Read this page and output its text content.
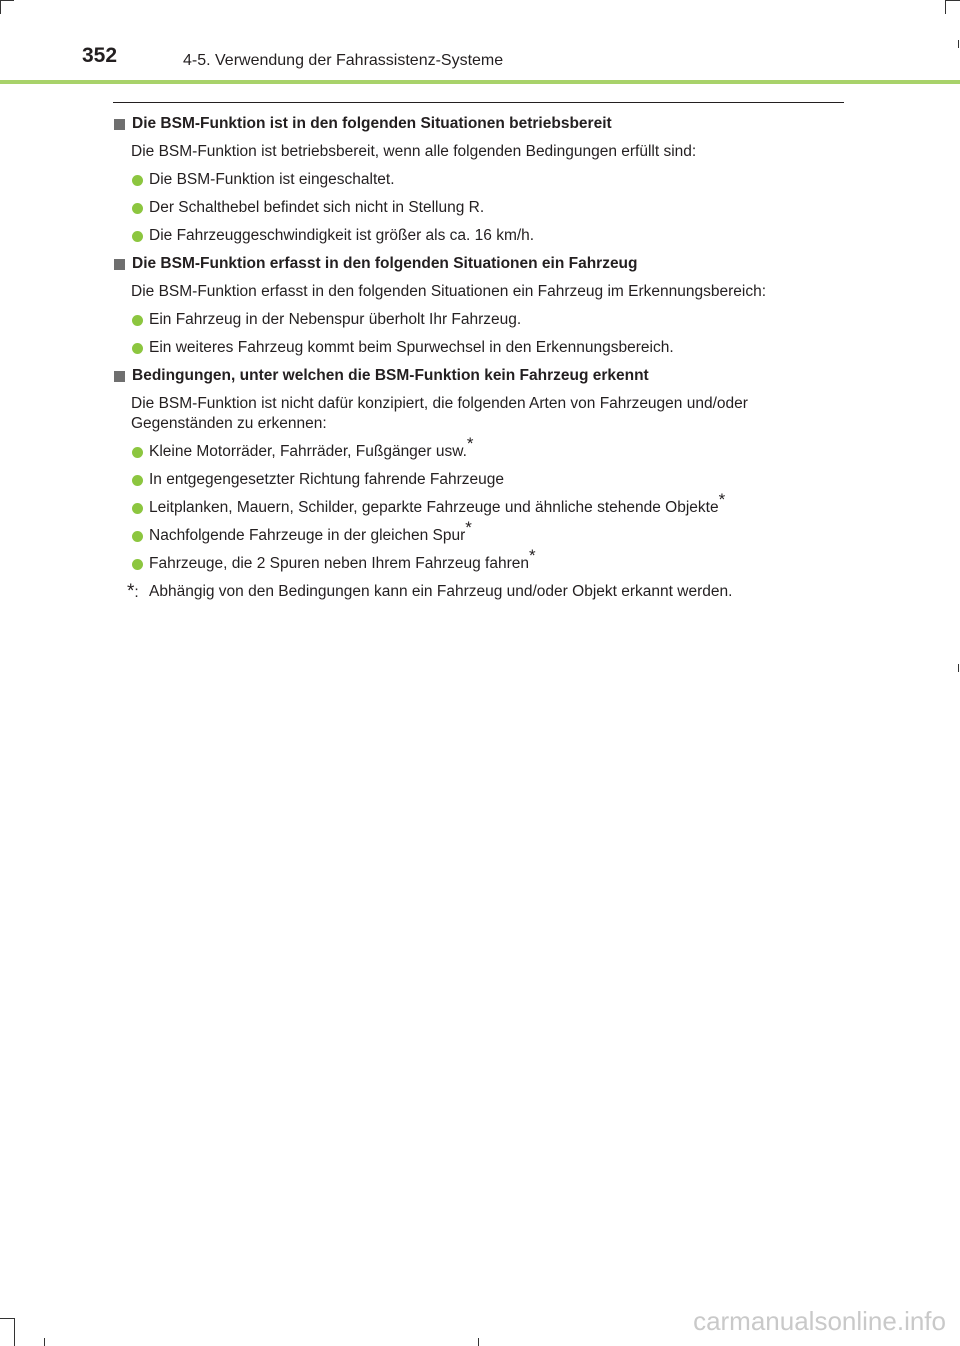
352	4-5. Verwendung der Fahrassistenz-Systeme
Die BSM-Funktion ist in den folgenden Situationen betriebsbereit
Die BSM-Funktion ist betriebsbereit, wenn alle folgenden Bedingungen erfüllt sind:
Die BSM-Funktion ist eingeschaltet.
Der Schalthebel befindet sich nicht in Stellung R.
Die Fahrzeuggeschwindigkeit ist größer als ca. 16 km/h.
Die BSM-Funktion erfasst in den folgenden Situationen ein Fahrzeug
Die BSM-Funktion erfasst in den folgenden Situationen ein Fahrzeug im Erkennungsbereich:
Ein Fahrzeug in der Nebenspur überholt Ihr Fahrzeug.
Ein weiteres Fahrzeug kommt beim Spurwechsel in den Erkennungsbereich.
Bedingungen, unter welchen die BSM-Funktion kein Fahrzeug erkennt
Die BSM-Funktion ist nicht dafür konzipiert, die folgenden Arten von Fahrzeugen und/oder Gegenständen zu erkennen:
Kleine Motorräder, Fahrräder, Fußgänger usw.*
In entgegengesetzter Richtung fahrende Fahrzeuge
Leitplanken, Mauern, Schilder, geparkte Fahrzeuge und ähnliche stehende Objekte*
Nachfolgende Fahrzeuge in der gleichen Spur*
Fahrzeuge, die 2 Spuren neben Ihrem Fahrzeug fahren*
*: Abhängig von den Bedingungen kann ein Fahrzeug und/oder Objekt erkannt werden.
carmanualsonline.info
